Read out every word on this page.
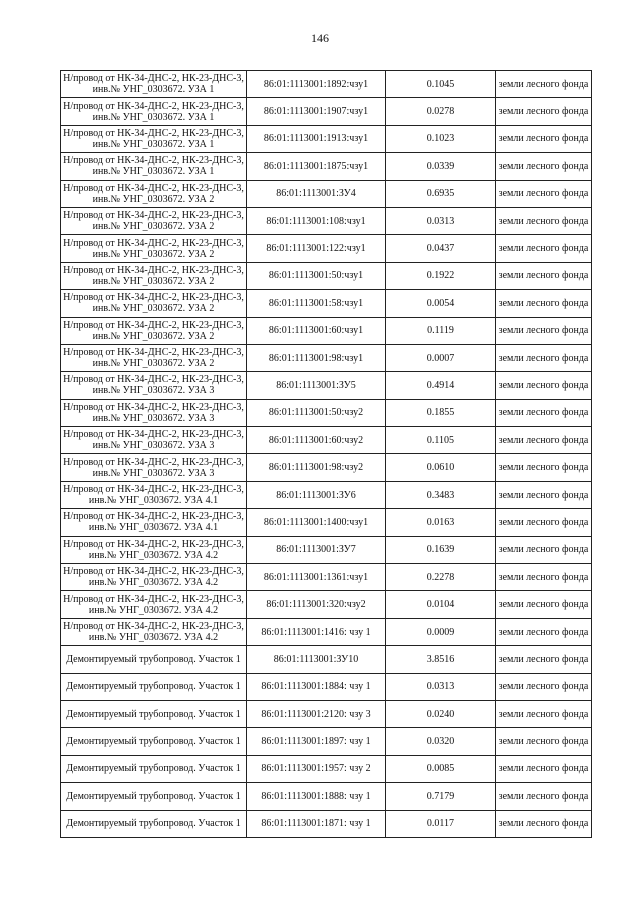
146
Н/провод от НК-34-ДНС-2, НК-23-ДНС-3, инв.№ УНГ_0303672. УЗА 1	86:01:1113001:1892:чзу1	0.1045	земли лесного фонда
Н/провод от НК-34-ДНС-2, НК-23-ДНС-3, инв.№ УНГ_0303672. УЗА 1	86:01:1113001:1907:чзу1	0.0278	земли лесного фонда
Н/провод от НК-34-ДНС-2, НК-23-ДНС-3, инв.№ УНГ_0303672. УЗА 1	86:01:1113001:1913:чзу1	0.1023	земли лесного фонда
Н/провод от НК-34-ДНС-2, НК-23-ДНС-3, инв.№ УНГ_0303672. УЗА 1	86:01:1113001:1875:чзу1	0.0339	земли лесного фонда
Н/провод от НК-34-ДНС-2, НК-23-ДНС-3, инв.№ УНГ_0303672. УЗА 2	86:01:1113001:ЗУ4	0.6935	земли лесного фонда
Н/провод от НК-34-ДНС-2, НК-23-ДНС-3, инв.№ УНГ_0303672. УЗА 2	86:01:1113001:108:чзу1	0.0313	земли лесного фонда
Н/провод от НК-34-ДНС-2, НК-23-ДНС-3, инв.№ УНГ_0303672. УЗА 2	86:01:1113001:122:чзу1	0.0437	земли лесного фонда
Н/провод от НК-34-ДНС-2, НК-23-ДНС-3, инв.№ УНГ_0303672. УЗА 2	86:01:1113001:50:чзу1	0.1922	земли лесного фонда
Н/провод от НК-34-ДНС-2, НК-23-ДНС-3, инв.№ УНГ_0303672. УЗА 2	86:01:1113001:58:чзу1	0.0054	земли лесного фонда
Н/провод от НК-34-ДНС-2, НК-23-ДНС-3, инв.№ УНГ_0303672. УЗА 2	86:01:1113001:60:чзу1	0.1119	земли лесного фонда
Н/провод от НК-34-ДНС-2, НК-23-ДНС-3, инв.№ УНГ_0303672. УЗА 2	86:01:1113001:98:чзу1	0.0007	земли лесного фонда
Н/провод от НК-34-ДНС-2, НК-23-ДНС-3, инв.№ УНГ_0303672. УЗА 3	86:01:1113001:ЗУ5	0.4914	земли лесного фонда
Н/провод от НК-34-ДНС-2, НК-23-ДНС-3, инв.№ УНГ_0303672. УЗА 3	86:01:1113001:50:чзу2	0.1855	земли лесного фонда
Н/провод от НК-34-ДНС-2, НК-23-ДНС-3, инв.№ УНГ_0303672. УЗА 3	86:01:1113001:60:чзу2	0.1105	земли лесного фонда
Н/провод от НК-34-ДНС-2, НК-23-ДНС-3, инв.№ УНГ_0303672. УЗА 3	86:01:1113001:98:чзу2	0.0610	земли лесного фонда
Н/провод от НК-34-ДНС-2, НК-23-ДНС-3, инв.№ УНГ_0303672. УЗА 4.1	86:01:1113001:ЗУ6	0.3483	земли лесного фонда
Н/провод от НК-34-ДНС-2, НК-23-ДНС-3, инв.№ УНГ_0303672. УЗА 4.1	86:01:1113001:1400:чзу1	0.0163	земли лесного фонда
Н/провод от НК-34-ДНС-2, НК-23-ДНС-3, инв.№ УНГ_0303672. УЗА 4.2	86:01:1113001:ЗУ7	0.1639	земли лесного фонда
Н/провод от НК-34-ДНС-2, НК-23-ДНС-3, инв.№ УНГ_0303672. УЗА 4.2	86:01:1113001:1361:чзу1	0.2278	земли лесного фонда
Н/провод от НК-34-ДНС-2, НК-23-ДНС-3, инв.№ УНГ_0303672. УЗА 4.2	86:01:1113001:320:чзу2	0.0104	земли лесного фонда
Н/провод от НК-34-ДНС-2, НК-23-ДНС-3, инв.№ УНГ_0303672. УЗА 4.2	86:01:1113001:1416: чзу 1	0.0009	земли лесного фонда
Демонтируемый трубопровод. Участок 1	86:01:1113001:ЗУ10	3.8516	земли лесного фонда
Демонтируемый трубопровод. Участок 1	86:01:1113001:1884: чзу 1	0.0313	земли лесного фонда
Демонтируемый трубопровод. Участок 1	86:01:1113001:2120: чзу 3	0.0240	земли лесного фонда
Демонтируемый трубопровод. Участок 1	86:01:1113001:1897: чзу 1	0.0320	земли лесного фонда
Демонтируемый трубопровод. Участок 1	86:01:1113001:1957: чзу 2	0.0085	земли лесного фонда
Демонтируемый трубопровод. Участок 1	86:01:1113001:1888: чзу 1	0.7179	земли лесного фонда
Демонтируемый трубопровод. Участок 1	86:01:1113001:1871: чзу 1	0.0117	земли лесного фонда
